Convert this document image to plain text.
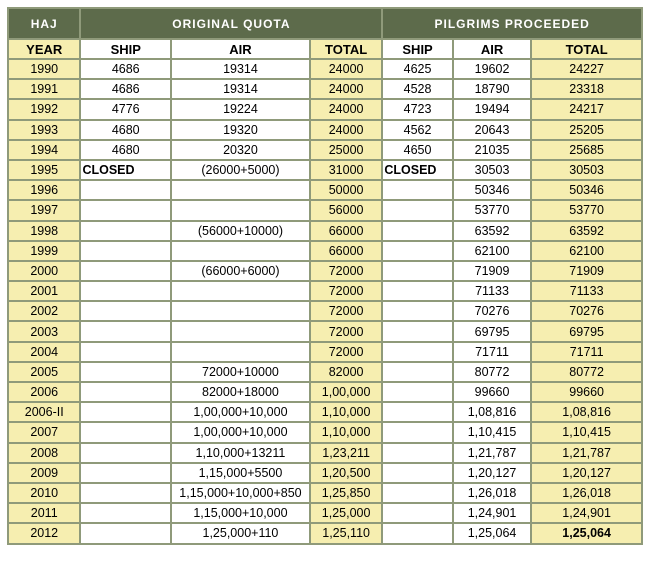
HAJ	ORIGINAL QUOTA			PILGRIMS PROCEEDED		
YEAR	SHIP	AIR	TOTAL	SHIP	AIR	TOTAL
1990	4686	19314	24000	4625	19602	24227
1991	4686	19314	24000	4528	18790	23318
1992	4776	19224	24000	4723	19494	24217
1993	4680	19320	24000	4562	20643	25205
1994	4680	20320	25000	4650	21035	25685
1995	CLOSED	(26000+5000)	31000	CLOSED	30503	30503
1996			50000		50346	50346
1997			56000		53770	53770
1998		(56000+10000)	66000		63592	63592
1999			66000		62100	62100
2000		(66000+6000)	72000		71909	71909
2001			72000		71133	71133
2002			72000		70276	70276
2003			72000		69795	69795
2004			72000		71711	71711
2005		72000+10000	82000		80772	80772
2006		82000+18000	1,00,000		99660	99660
2006-II		1,00,000+10,000	1,10,000		1,08,816	1,08,816
2007		1,00,000+10,000	1,10,000		1,10,415	1,10,415
2008		1,10,000+13211	1,23,211		1,21,787	1,21,787
2009		1,15,000+5500	1,20,500		1,20,127	1,20,127
2010		1,15,000+10,000+850	1,25,850		1,26,018	1,26,018
2011		1,15,000+10,000	1,25,000		1,24,901	1,24,901
2012		1,25,000+110	1,25,110		1,25,064	1,25,064
